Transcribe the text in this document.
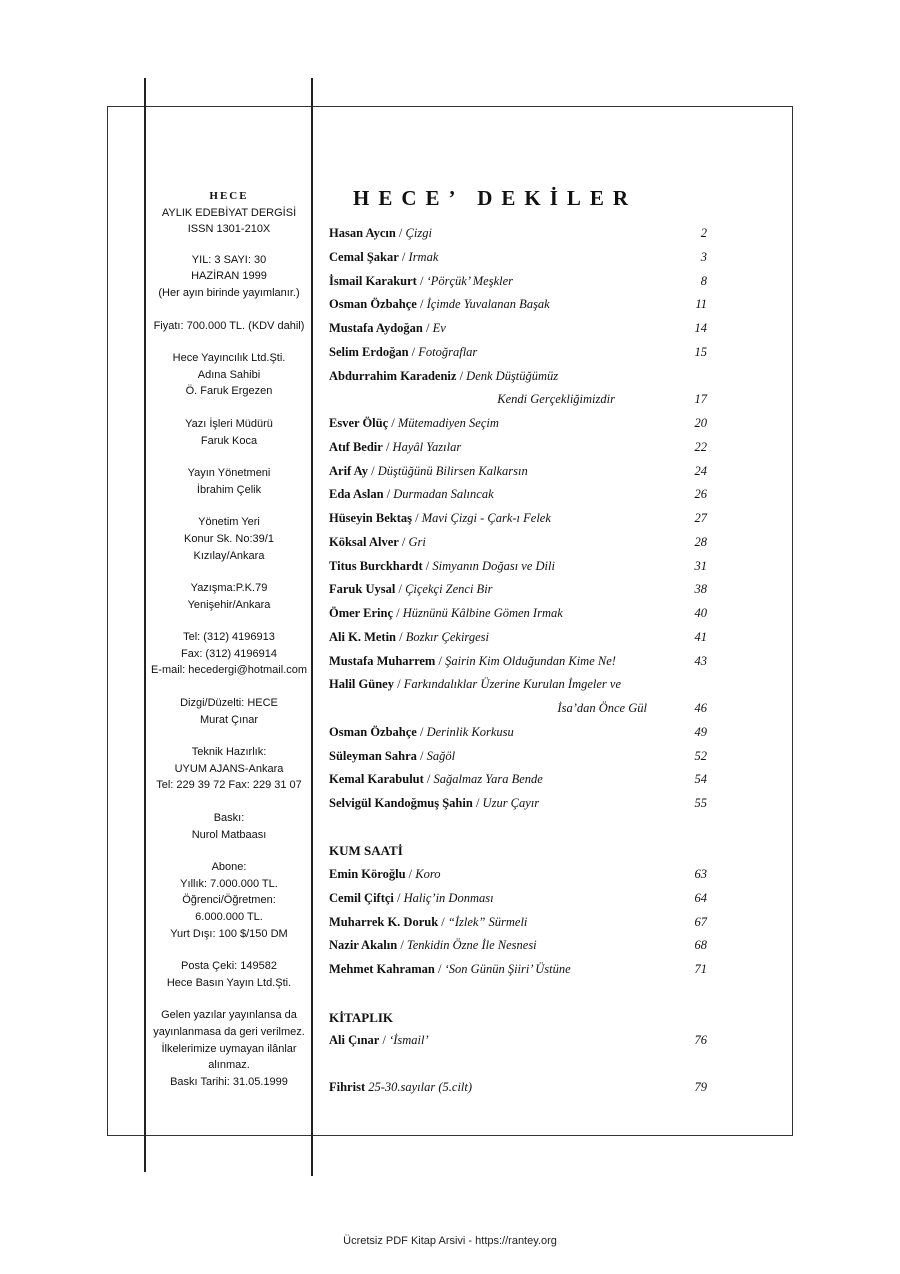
HECE
AYLIK EDEBİYAT DERGİSİ
ISSN 1301-210X
YIL: 3 SAYI: 30
HAZİRAN 1999
(Her ayın birinde yayımlanır.)
Fiyatı: 700.000 TL. (KDV dahil)
Hece Yayıncılık Ltd.Şti.
Adına Sahibi
Ö. Faruk Ergezen
Yazı İşleri Müdürü
Faruk Koca
Yayın Yönetmeni
İbrahim Çelik
Yönetim Yeri
Konur Sk. No:39/1
Kızılay/Ankara
Yazışma:P.K.79
Yenişehir/Ankara
Tel: (312) 4196913
Fax: (312) 4196914
E-mail: hecedergi@hotmail.com
Dizgi/Düzelti: HECE
Murat Çınar
Teknik Hazırlık:
UYUM AJANS-Ankara
Tel: 229 39 72 Fax: 229 31 07
Baskı:
Nurol Matbaası
Abone:
Yıllık: 7.000.000 TL.
Öğrenci/Öğretmen:
6.000.000 TL.
Yurt Dışı: 100 $/150 DM
Posta Çeki: 149582
Hece Basın Yayın Ltd.Şti.
Gelen yazılar yayınlansa da
yayınlanmasa da geri verilmez.
İlkelerimize uymayan ilânlar
alınmaz.
Baskı Tarihi: 31.05.1999
HECE’ DEKİLER
Hasan Aycın / Çizgi	2
Cemal Şakar / Irmak	3
İsmail Karakurt / ‘Pörçük’ Meşkler	8
Osman Özbahçe / İçimde Yuvalanan Başak	11
Mustafa Aydoğan / Ev	14
Selim Erdoğan / Fotoğraflar	15
Abdurrahim Karadeniz / Denk Düştüğümüz
Kendi Gerçekliğimizdir	17
Esver Ölüç / Mütemadiyen Seçim	20
Atıf Bedir / Hayâl Yazılar	22
Arif Ay / Düştüğünü Bilirsen Kalkarsın	24
Eda Aslan / Durmadan Salıncak	26
Hüseyin Bektaş / Mavi Çizgi - Çark-ı Felek	27
Köksal Alver / Gri	28
Titus Burckhardt / Simyanın Doğası ve Dili	31
Faruk Uysal / Çiçekçi Zenci Bir	38
Ömer Erinç / Hüznünü Kâlbine Gömen Irmak	40
Ali K. Metin / Bozkır Çekirgesi	41
Mustafa Muharrem / Şairin Kim Olduğundan Kime Ne!	43
Halil Güney / Farkındalıklar Üzerine Kurulan İmgeler ve
İsa’dan Önce Gül	46
Osman Özbahçe / Derinlik Korkusu	49
Süleyman Sahra / Sağöl	52
Kemal Karabulut / Sağalmaz Yara Bende	54
Selvigül Kandoğmuş Şahin / Uzur Çayır	55
KUM SAATİ
Emin Köroğlu / Koro	63
Cemil Çiftçi / Haliç’in Donması	64
Muharrek K. Doruk / “İzlek” Sürmeli	67
Nazir Akalın / Tenkidin Özne İle Nesnesi	68
Mehmet Kahraman / ‘Son Günün Şiiri’ Üstüne	71
KİTAPLIK
Ali Çınar / ‘İsmail’	76
Fihrist 25-30.sayılar (5.cilt)	79
Ücretsiz PDF Kitap Arsivi - https://rantey.org
